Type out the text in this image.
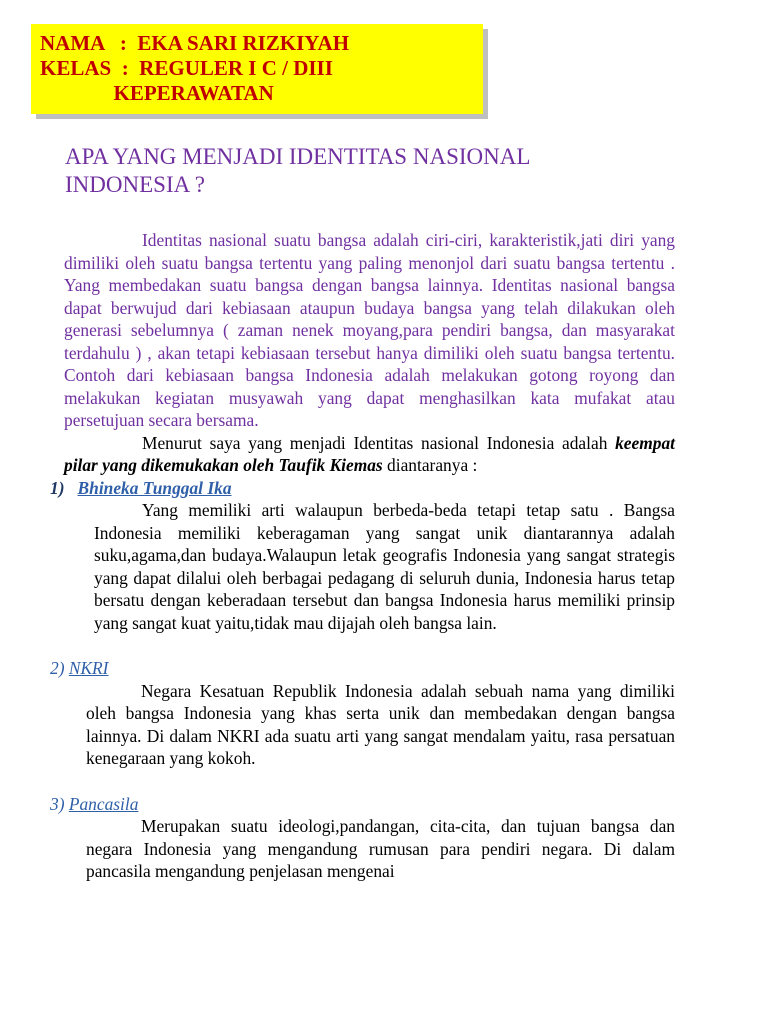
NAMA   :  EKA SARI RIZKIYAH
KELAS  :  REGULER I C / DIII
KEPERAWATAN
APA YANG MENJADI IDENTITAS NASIONAL
INDONESIA ?

Identitas nasional suatu bangsa adalah ciri-ciri, karakteristik,jati diri yang dimiliki oleh suatu bangsa tertentu yang paling menonjol dari suatu bangsa tertentu . Yang membedakan suatu bangsa dengan bangsa lainnya. Identitas nasional bangsa dapat berwujud dari kebiasaan ataupun budaya bangsa yang telah dilakukan oleh generasi sebelumnya ( zaman nenek moyang,para pendiri bangsa, dan masyarakat terdahulu ) , akan tetapi kebiasaan tersebut hanya dimiliki oleh suatu bangsa tertentu. Contoh dari kebiasaan bangsa Indonesia adalah melakukan gotong royong dan melakukan kegiatan musyawah yang dapat menghasilkan kata mufakat atau persetujuan secara bersama.

Menurut saya yang menjadi Identitas nasional Indonesia adalah keempat pilar yang dikemukakan oleh Taufik Kiemas diantaranya :

1) Bhineka Tunggal Ika

Yang memiliki arti walaupun berbeda-beda tetapi tetap satu . Bangsa Indonesia memiliki keberagaman yang sangat unik diantarannya adalah suku,agama,dan budaya.Walaupun letak geografis Indonesia yang sangat strategis yang dapat dilalui oleh berbagai pedagang di seluruh dunia, Indonesia harus tetap bersatu dengan keberadaan tersebut dan bangsa Indonesia harus memiliki prinsip yang sangat kuat yaitu,tidak mau dijajah oleh bangsa lain.

2) NKRI

Negara Kesatuan Republik Indonesia adalah sebuah nama yang dimiliki oleh bangsa Indonesia yang khas serta unik dan membedakan dengan bangsa lainnya. Di dalam NKRI ada suatu arti yang sangat mendalam yaitu, rasa persatuan kenegaraan yang kokoh.

3) Pancasila

Merupakan suatu ideologi,pandangan, cita-cita, dan tujuan bangsa dan negara Indonesia yang mengandung rumusan para pendiri negara. Di dalam pancasila mengandung penjelasan mengenai
